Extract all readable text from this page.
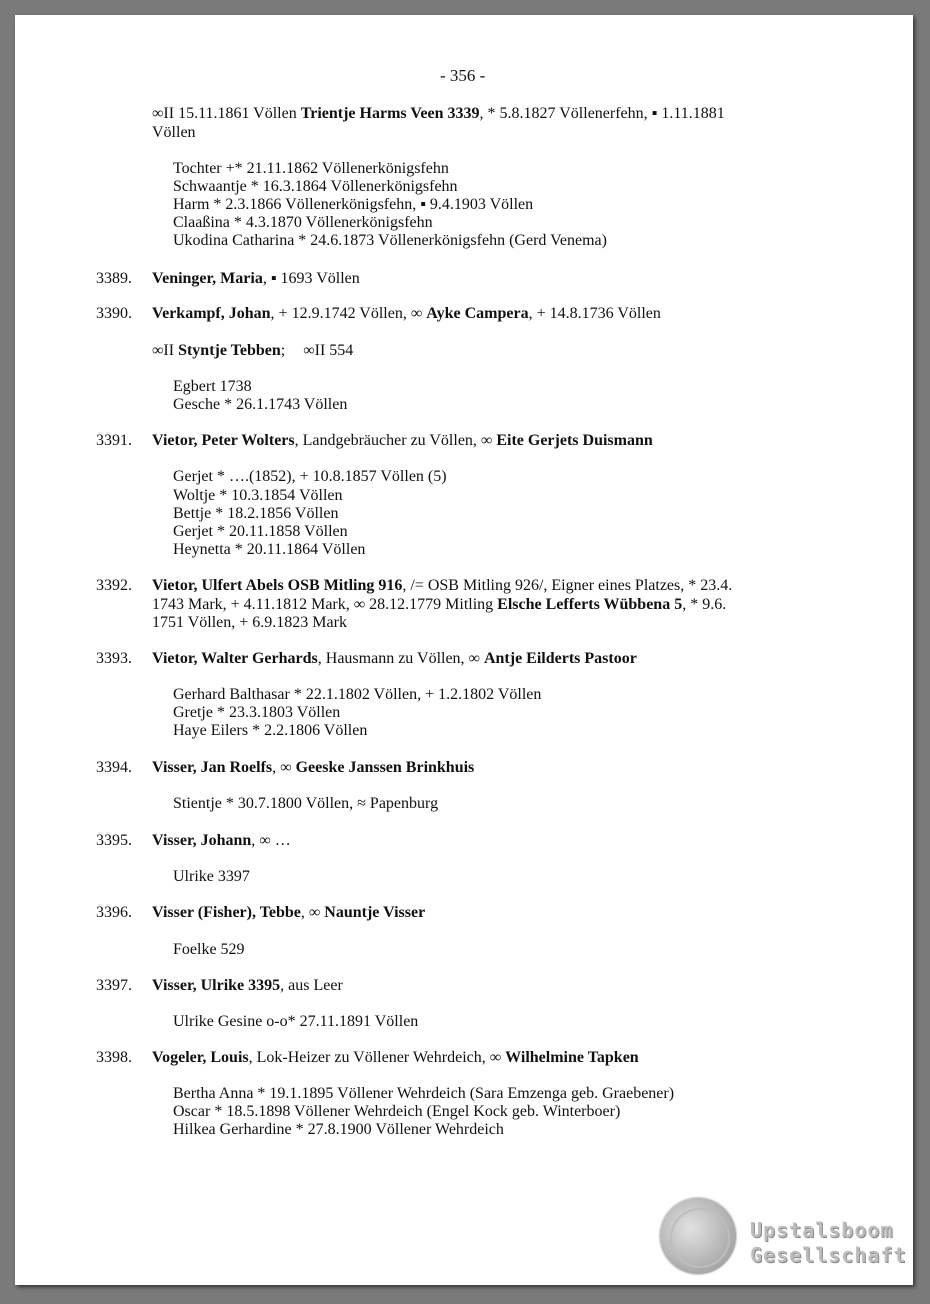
- 356 -
∞II 15.11.1861 Völlen Trientje Harms Veen 3339, * 5.8.1827 Völlenerfehn, ▪ 1.11.1881
Völlen
Tochter +* 21.11.1862 Völlenerkönigsfehn
Schwaantje * 16.3.1864 Völlenerkönigsfehn
Harm * 2.3.1866 Völlenerkönigsfehn, ▪ 9.4.1903 Völlen
Claaßina * 4.3.1870 Völlenerkönigsfehn
Ukodina Catharina * 24.6.1873 Völlenerkönigsfehn (Gerd Venema)
3389. Veninger, Maria, ▪ 1693 Völlen
3390. Verkampf, Johan, + 12.9.1742 Völlen, ∞ Ayke Campera, + 14.8.1736 Völlen
∞II Styntje Tebben; ∞II 554
Egbert 1738
Gesche * 26.1.1743 Völlen
3391. Vietor, Peter Wolters, Landgebräucher zu Völlen, ∞ Eite Gerjets Duismann
Gerjet * ….(1852), + 10.8.1857 Völlen (5)
Woltje * 10.3.1854 Völlen
Bettje * 18.2.1856 Völlen
Gerjet * 20.11.1858 Völlen
Heynetta * 20.11.1864 Völlen
3392. Vietor, Ulfert Abels OSB Mitling 916, /= OSB Mitling 926/, Eigner eines Platzes, * 23.4.
1743 Mark, + 4.11.1812 Mark, ∞ 28.12.1779 Mitling Elsche Lefferts Wübbena 5, * 9.6.
1751 Völlen, + 6.9.1823 Mark
3393. Vietor, Walter Gerhards, Hausmann zu Völlen, ∞ Antje Eilderts Pastoor
Gerhard Balthasar * 22.1.1802 Völlen, + 1.2.1802 Völlen
Gretje * 23.3.1803 Völlen
Haye Eilers * 2.2.1806 Völlen
3394. Visser, Jan Roelfs, ∞ Geeske Janssen Brinkhuis
Stientje * 30.7.1800 Völlen, ≈ Papenburg
3395. Visser, Johann, ∞ …
Ulrike 3397
3396. Visser (Fisher), Tebbe, ∞ Nauntje Visser
Foelke 529
3397. Visser, Ulrike 3395, aus Leer
Ulrike Gesine o-o* 27.11.1891 Völlen
3398. Vogeler, Louis, Lok-Heizer zu Völlener Wehrdeich, ∞ Wilhelmine Tapken
Bertha Anna * 19.1.1895 Völlener Wehrdeich (Sara Emzenga geb. Graebener)
Oscar * 18.5.1898 Völlener Wehrdeich (Engel Kock geb. Winterboer)
Hilkea Gerhardine * 27.8.1900 Völlener Wehrdeich
Upstalsboom
Gesellschaft
